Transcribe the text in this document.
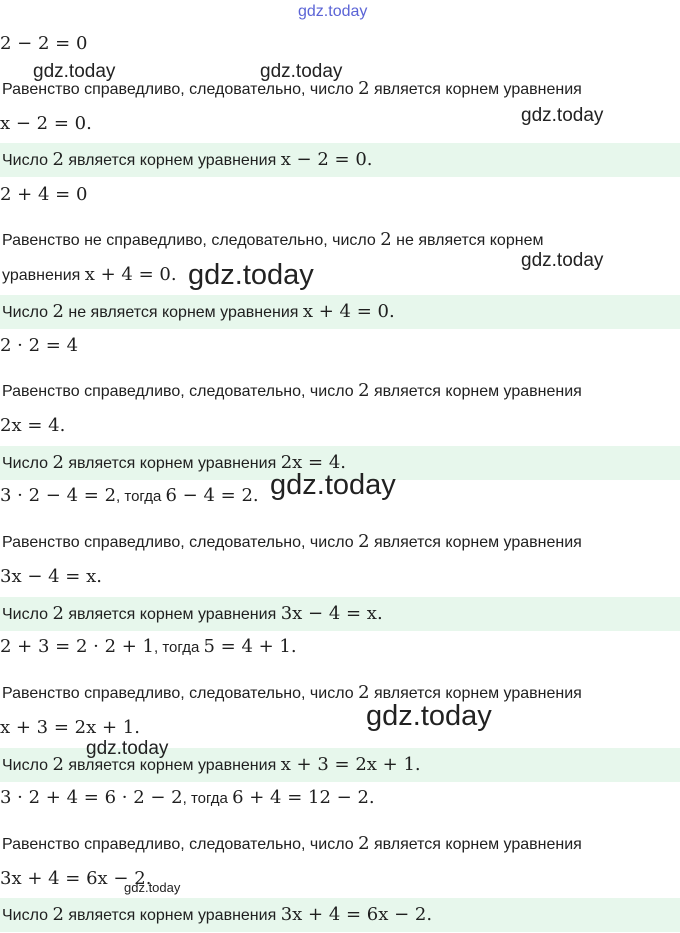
gdz.today
2 − 2 = 0
Равенство справедливо, следовательно, число 2 является корнем уравнения
x − 2 = 0.
Число 2 является корнем уравнения x − 2 = 0.
2 + 4 = 0
Равенство не справедливо, следовательно, число 2 не является корнем
уравнения x + 4 = 0.
Число 2 не является корнем уравнения x + 4 = 0.
2 · 2 = 4
Равенство справедливо, следовательно, число 2 является корнем уравнения
2x = 4.
Число 2 является корнем уравнения 2x = 4.
3 · 2 − 4 = 2, тогда 6 − 4 = 2.
Равенство справедливо, следовательно, число 2 является корнем уравнения
3x − 4 = x.
Число 2 является корнем уравнения 3x − 4 = x.
2 + 3 = 2 · 2 + 1, тогда 5 = 4 + 1.
Равенство справедливо, следовательно, число 2 является корнем уравнения
x + 3 = 2x + 1.
Число 2 является корнем уравнения x + 3 = 2x + 1.
3 · 2 + 4 = 6 · 2 − 2, тогда 6 + 4 = 12 − 2.
Равенство справедливо, следовательно, число 2 является корнем уравнения
3x + 4 = 6x − 2.
Число 2 является корнем уравнения 3x + 4 = 6x − 2.
gdz.today	gdz.today
gdz.today
gdz.today	gdz.today
gdz.today
gdz.today
gdz.today
gdz.today
